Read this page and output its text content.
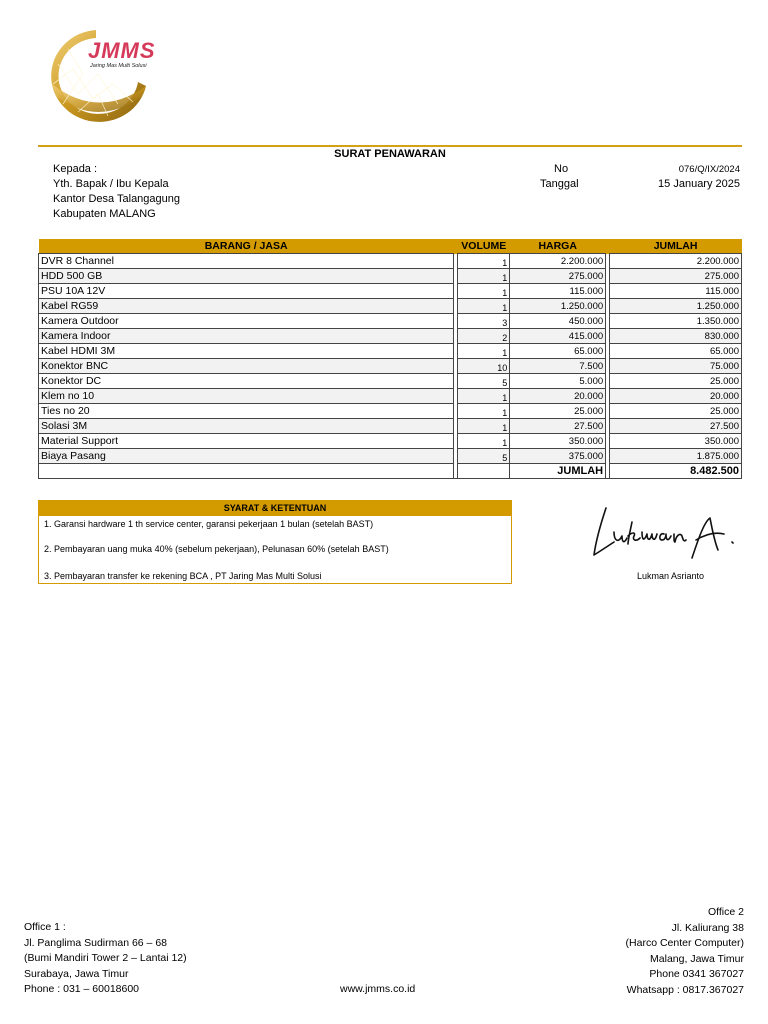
JMMS
Jaring Mas Multi Solusi
SURAT PENAWARAN
Kepada :
Yth. Bapak / Ibu Kepala
Kantor Desa Talangagung
Kabupaten MALANG
No	076/Q/IX/2024
Tanggal	15 January 2025
BARANG / JASA		VOLUME	HARGA		JUMLAH
DVR 8 Channel		1	2.200.000		2.200.000
HDD 500 GB		1	275.000		275.000
PSU 10A 12V		1	115.000		115.000
Kabel RG59		1	1.250.000		1.250.000
Kamera Outdoor		3	450.000		1.350.000
Kamera Indoor		2	415.000		830.000
Kabel HDMI 3M		1	65.000		65.000
Konektor BNC		10	7.500		75.000
Konektor DC		5	5.000		25.000
Klem no 10		1	20.000		20.000
Ties no 20		1	25.000		25.000
Solasi 3M		1	27.500		27.500
Material Support		1	350.000		350.000
Biaya Pasang		5	375.000		1.875.000
			JUMLAH		8.482.500
SYARAT & KETENTUAN
1. Garansi hardware 1 th service center, garansi pekerjaan 1 bulan (setelah BAST)
2. Pembayaran uang muka 40% (sebelum pekerjaan), Pelunasan 60% (setelah BAST)
3. Pembayaran transfer ke rekening BCA , PT Jaring Mas Multi Solusi	Lukman Asrianto
Office 1 :
Jl. Panglima Sudirman 66 – 68
(Bumi Mandiri Tower 2 – Lantai 12)
Surabaya, Jawa Timur
Phone : 031 – 60018600	www.jmms.co.id
Office 2
Jl. Kaliurang 38
(Harco Center Computer)
Malang, Jawa Timur
Phone 0341 367027
Whatsapp : 0817.367027
